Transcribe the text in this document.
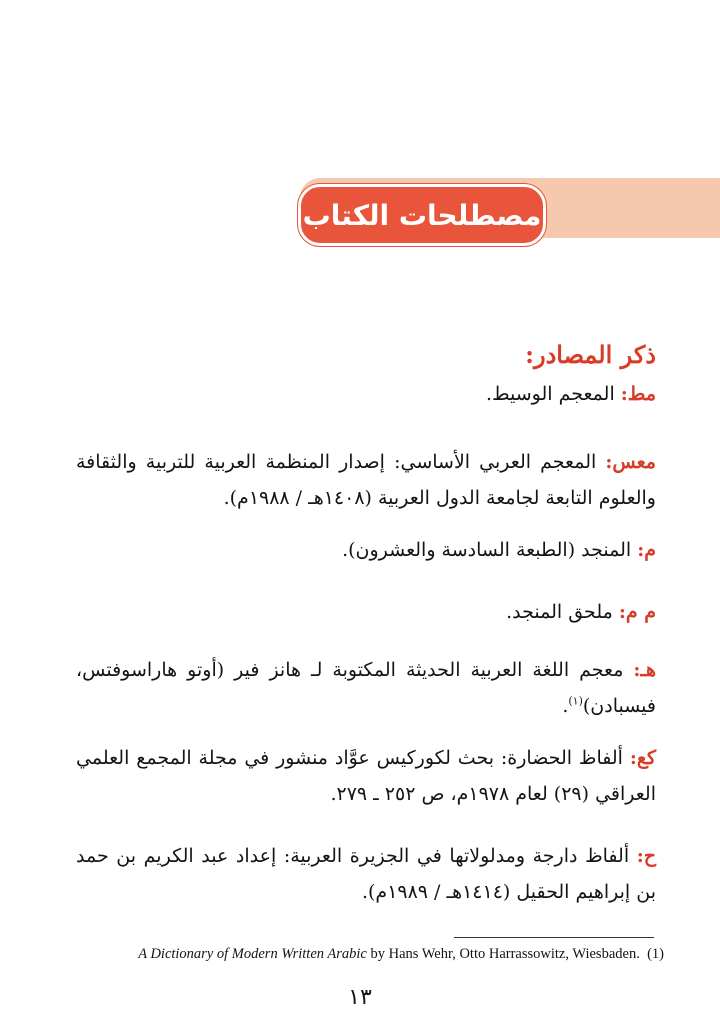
مصطلحات الكتاب
ذكر المصادر:

مط: المعجم الوسيط.

معس: المعجم العربي الأساسي: إصدار المنظمة العربية للتربية والثقافة والعلوم التابعة لجامعة الدول العربية (١٤٠٨هـ / ١٩٨٨م).

م: المنجد (الطبعة السادسة والعشرون).

م م: ملحق المنجد.

هـ: معجم اللغة العربية الحديثة المكتوبة لـ هانز فير (أوتو هاراسوفتس، فيسبادن)$^{(١)}$.

كع: ألفاظ الحضارة: بحث لكوركيس عوَّاد منشور في مجلة المجمع العلمي العراقي (٢٩) لعام ١٩٧٨م، ص ٢٥٢ ـ ٢٧٩.

ح: ألفاظ دارجة ومدلولاتها في الجزيرة العربية: إعداد عبد الكريم بن حمد بن إبراهيم الحقيل (١٤١٤هـ / ١٩٨٩م).

A Dictionary of Modern Written Arabic by Hans Wehr, Otto Harrassowitz, Wiesbaden. (1)
١٣
